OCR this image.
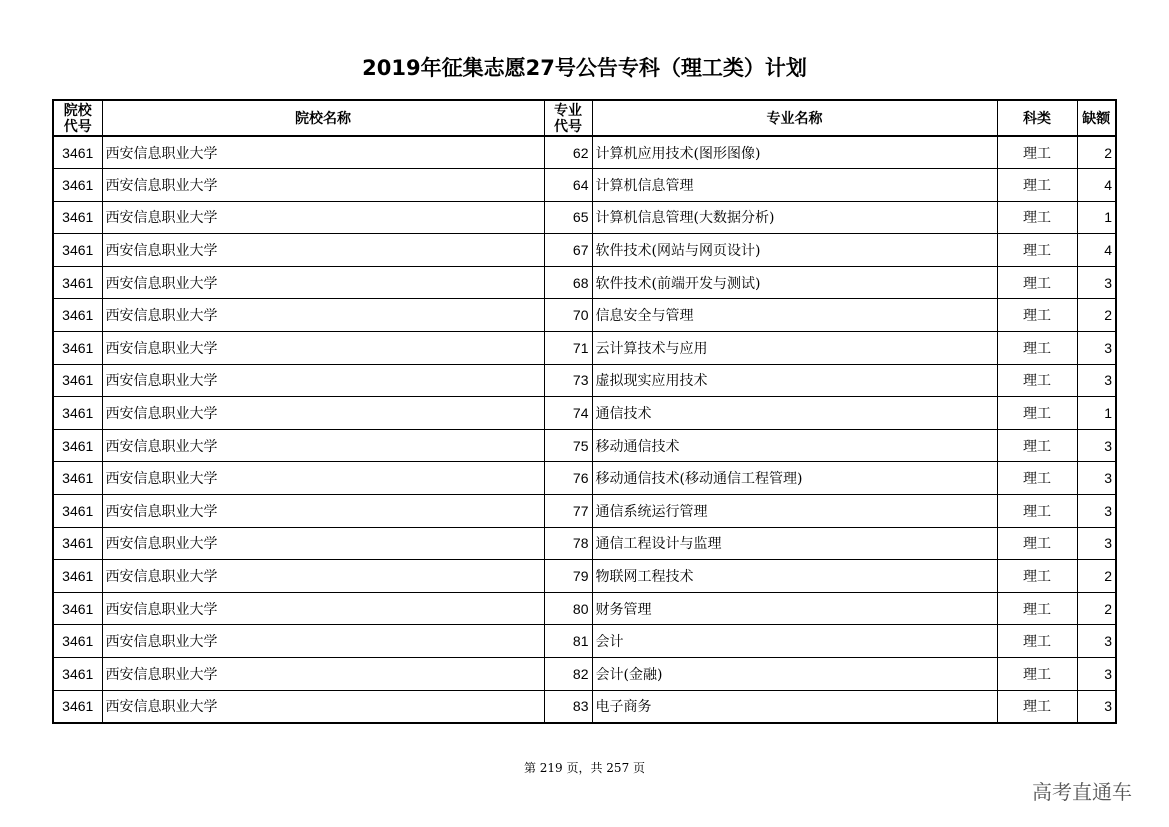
2019年征集志愿27号公告专科（理工类）计划
院校代号	院校名称	专业代号	专业名称	科类	缺额
3461	西安信息职业大学	62	计算机应用技术(图形图像)	理工	2
3461	西安信息职业大学	64	计算机信息管理	理工	4
3461	西安信息职业大学	65	计算机信息管理(大数据分析)	理工	1
3461	西安信息职业大学	67	软件技术(网站与网页设计)	理工	4
3461	西安信息职业大学	68	软件技术(前端开发与测试)	理工	3
3461	西安信息职业大学	70	信息安全与管理	理工	2
3461	西安信息职业大学	71	云计算技术与应用	理工	3
3461	西安信息职业大学	73	虚拟现实应用技术	理工	3
3461	西安信息职业大学	74	通信技术	理工	1
3461	西安信息职业大学	75	移动通信技术	理工	3
3461	西安信息职业大学	76	移动通信技术(移动通信工程管理)	理工	3
3461	西安信息职业大学	77	通信系统运行管理	理工	3
3461	西安信息职业大学	78	通信工程设计与监理	理工	3
3461	西安信息职业大学	79	物联网工程技术	理工	2
3461	西安信息职业大学	80	财务管理	理工	2
3461	西安信息职业大学	81	会计	理工	3
3461	西安信息职业大学	82	会计(金融)	理工	3
3461	西安信息职业大学	83	电子商务	理工	3
第 219 页，共 257 页
高考直通车
